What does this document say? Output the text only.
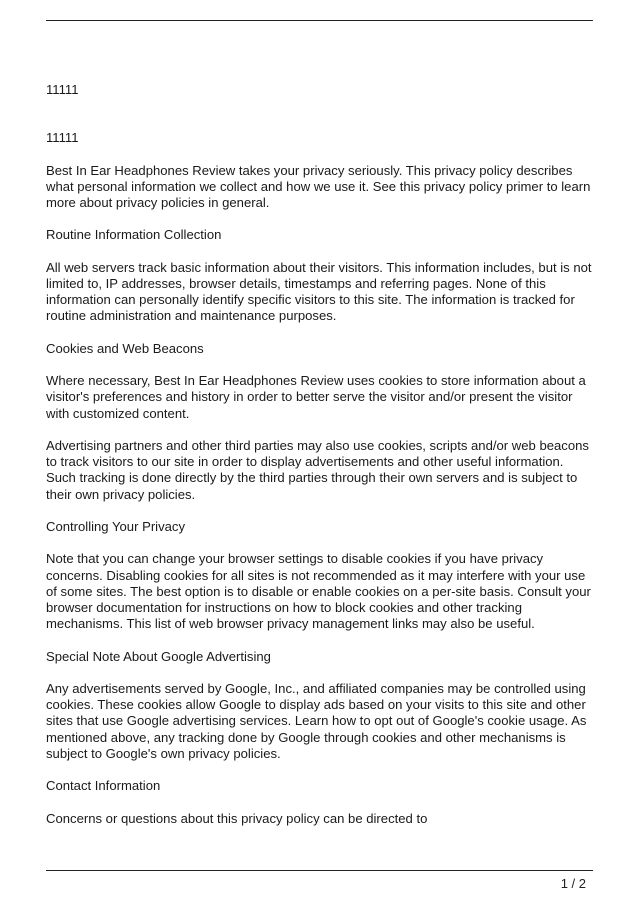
11111

11111

Best In Ear Headphones Review takes your privacy seriously. This privacy policy describes what personal information we collect and how we use it. See this privacy policy primer to learn more about privacy policies in general.

Routine Information Collection

All web servers track basic information about their visitors. This information includes, but is not limited to, IP addresses, browser details, timestamps and referring pages. None of this information can personally identify specific visitors to this site. The information is tracked for routine administration and maintenance purposes.

Cookies and Web Beacons

Where necessary, Best In Ear Headphones Review uses cookies to store information about a visitor's preferences and history in order to better serve the visitor and/or present the visitor with customized content.

Advertising partners and other third parties may also use cookies, scripts and/or web beacons to track visitors to our site in order to display advertisements and other useful information. Such tracking is done directly by the third parties through their own servers and is subject to their own privacy policies.

Controlling Your Privacy

Note that you can change your browser settings to disable cookies if you have privacy concerns. Disabling cookies for all sites is not recommended as it may interfere with your use of some sites. The best option is to disable or enable cookies on a per-site basis. Consult your browser documentation for instructions on how to block cookies and other tracking mechanisms. This list of web browser privacy management links may also be useful.

Special Note About Google Advertising

Any advertisements served by Google, Inc., and affiliated companies may be controlled using cookies. These cookies allow Google to display ads based on your visits to this site and other sites that use Google advertising services. Learn how to opt out of Google's cookie usage. As mentioned above, any tracking done by Google through cookies and other mechanisms is subject to Google's own privacy policies.

Contact Information

Concerns or questions about this privacy policy can be directed to

1 / 2
